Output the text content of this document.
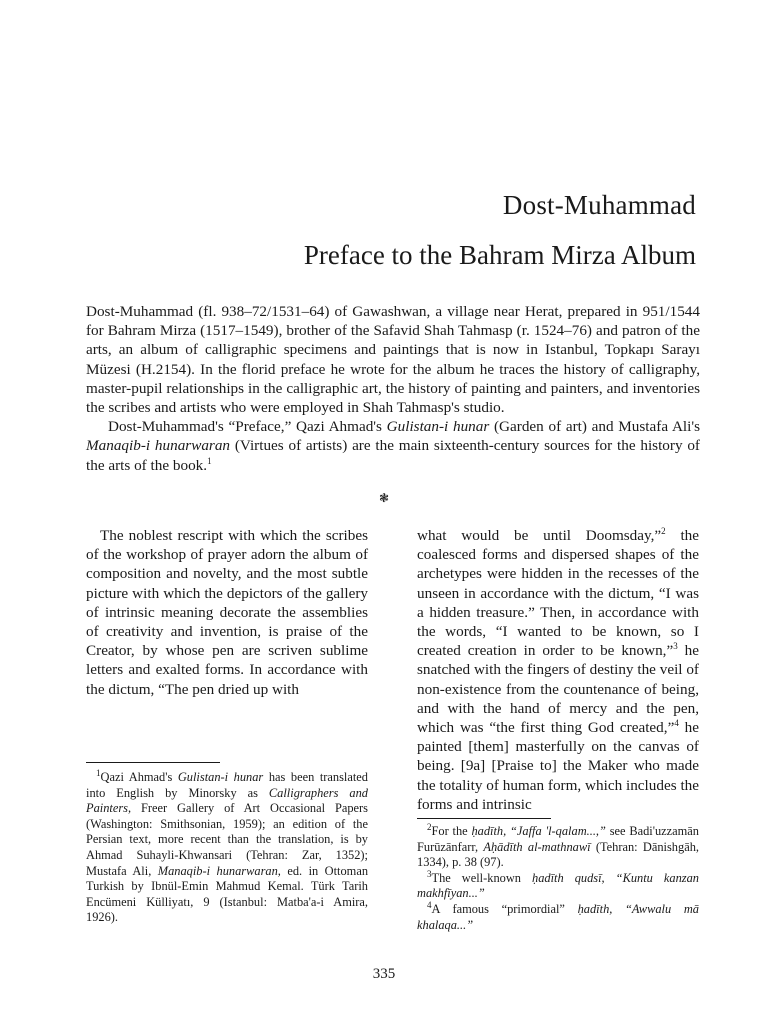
Dost-Muhammad
Preface to the Bahram Mirza Album

Dost-Muhammad (fl. 938–72/1531–64) of Gawashwan, a village near Herat, prepared in 951/1544 for Bahram Mirza (1517–1549), brother of the Safavid Shah Tahmasp (r. 1524–76) and patron of the arts, an album of calligraphic specimens and paintings that is now in Istanbul, Topkapı Sarayı Müzesi (H.2154). In the florid preface he wrote for the album he traces the history of calligraphy, master-pupil relationships in the calligraphic art, the history of painting and painters, and inventories the scribes and artists who were employed in Shah Tahmasp's studio.

Dost-Muhammad's “Preface,” Qazi Ahmad's Gulistan-i hunar (Garden of art) and Mustafa Ali's Manaqib-i hunarwaran (Virtues of artists) are the main sixteenth-century sources for the history of the arts of the book.$^1$

❃

The noblest rescript with which the scribes of the workshop of prayer adorn the album of composition and novelty, and the most subtle picture with which the depictors of the gallery of intrinsic meaning decorate the assemblies of creativity and invention, is praise of the Creator, by whose pen are scriven sublime letters and exalted forms. In accordance with the dictum, “The pen dried up with

what would be until Doomsday,”$^2$ the coalesced forms and dispersed shapes of the archetypes were hidden in the recesses of the unseen in accordance with the dictum, “I was a hidden treasure.” Then, in accordance with the words, “I wanted to be known, so I created creation in order to be known,”$^3$ he snatched with the fingers of destiny the veil of non-existence from the countenance of being, and with the hand of mercy and the pen, which was “the first thing God created,”$^4$ he painted [them] masterfully on the canvas of being. [9a] [Praise to] the Maker who made the totality of human form, which includes the forms and intrinsic

$^1$Qazi Ahmad's Gulistan-i hunar has been translated into English by Minorsky as Calligraphers and Painters, Freer Gallery of Art Occasional Papers (Washington: Smithsonian, 1959); an edition of the Persian text, more recent than the translation, is by Ahmad Suhayli-Khwansari (Tehran: Zar, 1352); Mustafa Ali, Manaqib-i hunarwaran, ed. in Ottoman Turkish by Ibnül-Emin Mahmud Kemal. Türk Tarih Encümeni Külliyatı, 9 (Istanbul: Matba'a-i Amira, 1926).

$^2$For the ḥadīth, “Jaffa 'l-qalam...,” see Badi'uzzamān Furūzānfarr, Aḥādīth al-mathnawī (Tehran: Dānishgāh, 1334), p. 38 (97).

$^3$The well-known ḥadīth qudsī, “Kuntu kanzan makhfīyan...”

$^4$A famous “primordial” ḥadīth, “Awwalu mā khalaqa...”

335
